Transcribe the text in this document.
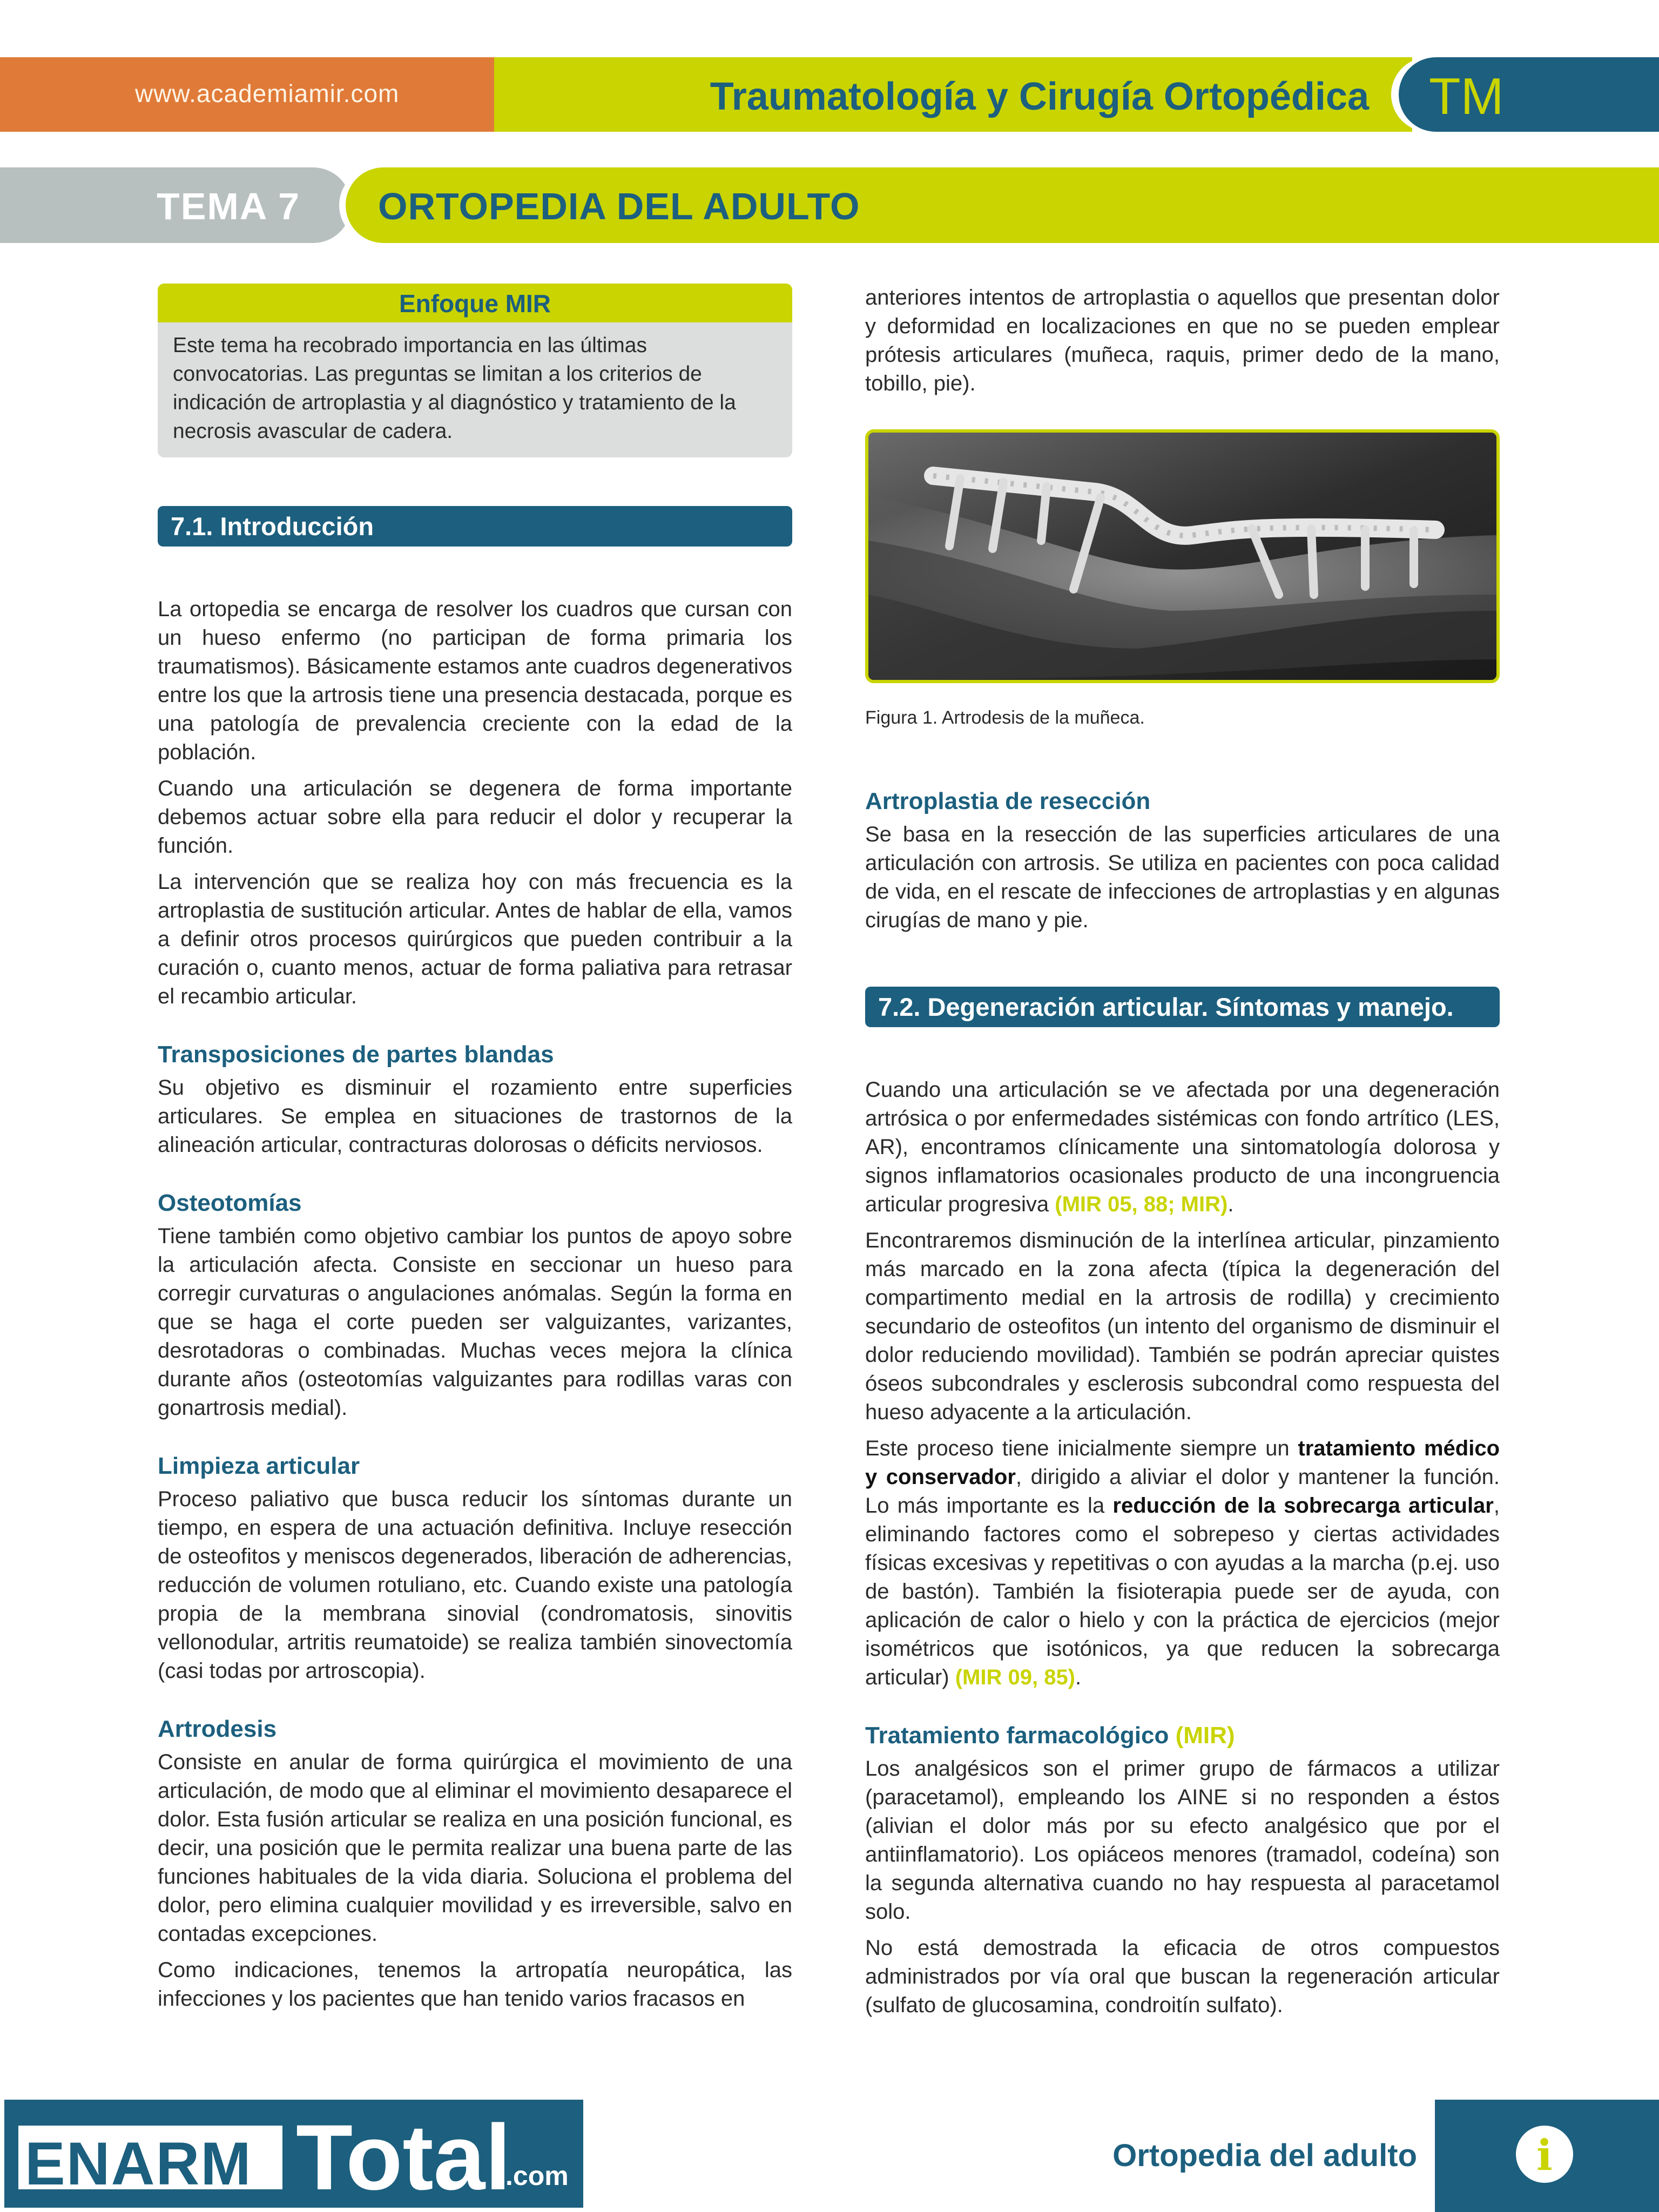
www.academiamir.com	Traumatología y Cirugía Ortopédica TM
TEMA 7 ORTOPEDIA DEL ADULTO
Enfoque MIR
Este tema ha recobrado importancia en las últimas convocatorias. Las preguntas se limitan a los criterios de indicación de artroplastia y al diagnóstico y tratamiento de la necrosis avascular de cadera.
7.1. Introducción

La ortopedia se encarga de resolver los cuadros que cursan con un hueso enfermo (no participan de forma primaria los traumatismos). Básicamente estamos ante cuadros degenerativos entre los que la artrosis tiene una presencia destacada, porque es una patología de prevalencia creciente con la edad de la población.

Cuando una articulación se degenera de forma importante debemos actuar sobre ella para reducir el dolor y recuperar la función.

La intervención que se realiza hoy con más frecuencia es la artroplastia de sustitución articular. Antes de hablar de ella, vamos a definir otros procesos quirúrgicos que pueden contribuir a la curación o, cuanto menos, actuar de forma paliativa para retrasar el recambio articular.

Transposiciones de partes blandas

Su objetivo es disminuir el rozamiento entre superficies articulares. Se emplea en situaciones de trastornos de la alineación articular, contracturas dolorosas o déficits nerviosos.

Osteotomías

Tiene también como objetivo cambiar los puntos de apoyo sobre la articulación afecta. Consiste en seccionar un hueso para corregir curvaturas o angulaciones anómalas. Según la forma en que se haga el corte pueden ser valguizantes, varizantes, desrotadoras o combinadas. Muchas veces mejora la clínica durante años (osteotomías valguizantes para rodillas varas con gonartrosis medial).

Limpieza articular

Proceso paliativo que busca reducir los síntomas durante un tiempo, en espera de una actuación definitiva. Incluye resección de osteofitos y meniscos degenerados, liberación de adherencias, reducción de volumen rotuliano, etc. Cuando existe una patología propia de la membrana sinovial (condromatosis, sinovitis vellonodular, artritis reumatoide) se realiza también sinovectomía (casi todas por artroscopia).

Artrodesis

Consiste en anular de forma quirúrgica el movimiento de una articulación, de modo que al eliminar el movimiento desaparece el dolor. Esta fusión articular se realiza en una posición funcional, es decir, una posición que le permita realizar una buena parte de las funciones habituales de la vida diaria. Soluciona el problema del dolor, pero elimina cualquier movilidad y es irreversible, salvo en contadas excepciones.

Como indicaciones, tenemos la artropatía neuropática, las infecciones y los pacientes que han tenido varios fracasos en

anteriores intentos de artroplastia o aquellos que presentan dolor y deformidad en localizaciones en que no se pueden emplear prótesis articulares (muñeca, raquis, primer dedo de la mano, tobillo, pie).

Figura 1. Artrodesis de la muñeca.
Artroplastia de resección

Se basa en la resección de las superficies articulares de una articulación con artrosis. Se utiliza en pacientes con poca calidad de vida, en el rescate de infecciones de artroplastias y en algunas cirugías de mano y pie.

7.2. Degeneración articular. Síntomas y manejo.

Cuando una articulación se ve afectada por una degeneración artrósica o por enfermedades sistémicas con fondo artrítico (LES, AR), encontramos clínicamente una sintomatología dolorosa y signos inflamatorios ocasionales producto de una incongruencia articular progresiva (MIR 05, 88; MIR).

Encontraremos disminución de la interlínea articular, pinzamiento más marcado en la zona afecta (típica la degeneración del compartimento medial en la artrosis de rodilla) y crecimiento secundario de osteofitos (un intento del organismo de disminuir el dolor reduciendo movilidad). También se podrán apreciar quistes óseos subcondrales y esclerosis subcondral como respuesta del hueso adyacente a la articulación.

Este proceso tiene inicialmente siempre un tratamiento médico y conservador, dirigido a aliviar el dolor y mantener la función. Lo más importante es la reducción de la sobrecarga articular, eliminando factores como el sobrepeso y ciertas actividades físicas excesivas y repetitivas o con ayudas a la marcha (p.ej. uso de bastón). También la fisioterapia puede ser de ayuda, con aplicación de calor o hielo y con la práctica de ejercicios (mejor isométricos que isotónicos, ya que reducen la sobrecarga articular) (MIR 09, 85).

Tratamiento farmacológico (MIR)

Los analgésicos son el primer grupo de fármacos a utilizar (paracetamol), empleando los AINE si no responden a éstos (alivian el dolor más por su efecto analgésico que por el antiinflamatorio). Los opiáceos menores (tramadol, codeína) son la segunda alternativa cuando no hay respuesta al paracetamol solo.

No está demostrada la eficacia de otros compuestos administrados por vía oral que buscan la regeneración articular (sulfato de glucosamina, condroitín sulfato).

ENARM Total
.com
Ortopedia del adulto	i
